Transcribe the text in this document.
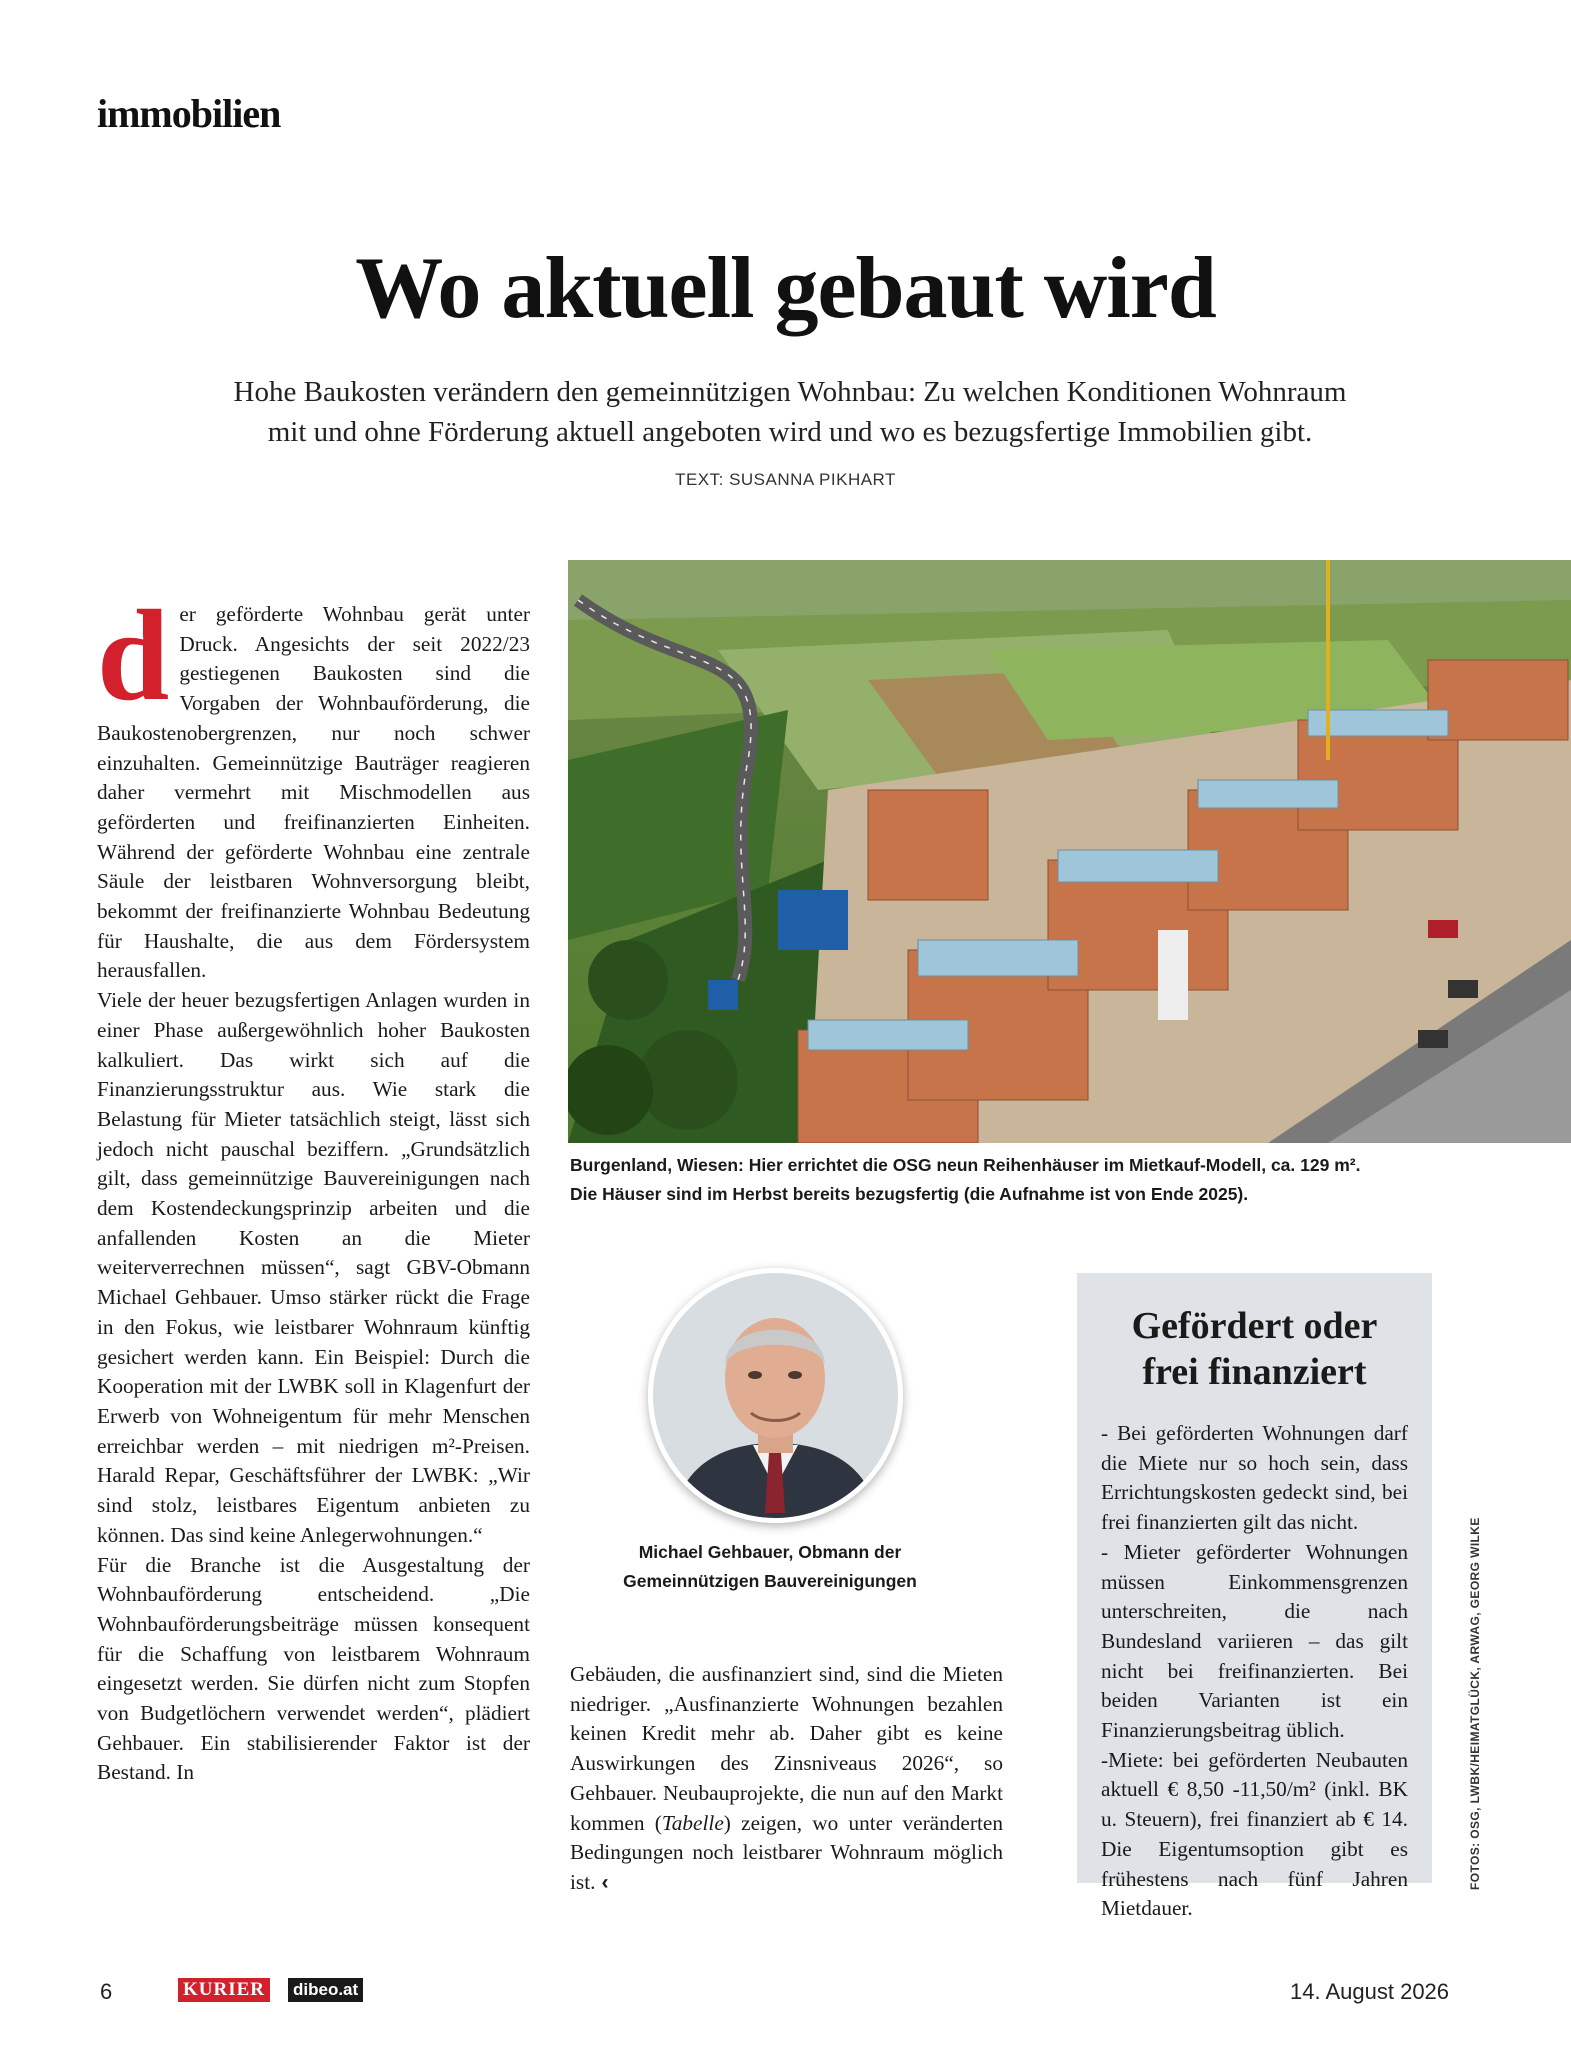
immobilien
Wo aktuell gebaut wird
Hohe Baukosten verändern den gemeinnützigen Wohnbau: Zu welchen Konditionen Wohnraum
mit und ohne Förderung aktuell angeboten wird und wo es bezugsfertige Immobilien gibt.
TEXT: SUSANNA PIKHART

der geförderte Wohnbau gerät unter Druck. Angesichts der seit 2022/23 gestiegenen Baukosten sind die Vorgaben der Wohnbauförderung, die Baukostenobergrenzen, nur noch schwer einzuhalten. Gemeinnützige Bauträger reagieren daher vermehrt mit Mischmodellen aus geförderten und freifinanzierten Einheiten. Während der geförderte Wohnbau eine zentrale Säule der leistbaren Wohnversorgung bleibt, bekommt der freifinanzierte Wohnbau Bedeutung für Haushalte, die aus dem Fördersystem herausfallen.

Viele der heuer bezugsfertigen Anlagen wurden in einer Phase außergewöhnlich hoher Baukosten kalkuliert. Das wirkt sich auf die Finanzierungsstruktur aus. Wie stark die Belastung für Mieter tatsächlich steigt, lässt sich jedoch nicht pauschal beziffern. „Grundsätzlich gilt, dass gemeinnützige Bauvereinigungen nach dem Kostendeckungsprinzip arbeiten und die anfallenden Kosten an die Mieter weiterverrechnen müssen“, sagt GBV-Obmann Michael Gehbauer. Umso stärker rückt die Frage in den Fokus, wie leistbarer Wohnraum künftig gesichert werden kann. Ein Beispiel: Durch die Kooperation mit der LWBK soll in Klagenfurt der Erwerb von Wohneigentum für mehr Menschen erreichbar werden – mit niedrigen m²-Preisen. Harald Repar, Geschäftsführer der LWBK: „Wir sind stolz, leistbares Eigentum anbieten zu können. Das sind keine Anlegerwohnungen.“

Für die Branche ist die Ausgestaltung der Wohnbauförderung entscheidend. „Die Wohnbauförderungsbeiträge müssen konsequent für die Schaffung von leistbarem Wohnraum eingesetzt werden. Sie dürfen nicht zum Stopfen von Budgetlöchern verwendet werden“, plädiert Gehbauer. Ein stabilisierender Faktor ist der Bestand. In

Burgenland, Wiesen: Hier errichtet die OSG neun Reihenhäuser im Mietkauf-Modell, ca. 129 m². Die Häuser sind im Herbst bereits bezugsfertig (die Aufnahme ist von Ende 2025).
Michael Gehbauer, Obmann der
Gemeinnützigen Bauvereinigungen

Gebäuden, die ausfinanziert sind, sind die Mieten niedriger. „Ausfinanzierte Wohnungen bezahlen keinen Kredit mehr ab. Daher gibt es keine Auswirkungen des Zinsniveaus 2026“, so Gehbauer. Neubauprojekte, die nun auf den Markt kommen (Tabelle) zeigen, wo unter veränderten Bedingungen noch leistbarer Wohnraum möglich ist. ‹

Gefördert oder
frei finanziert

- Bei geförderten Wohnungen darf die Miete nur so hoch sein, dass Errichtungskosten gedeckt sind, bei frei finanzierten gilt das nicht.

- Mieter geförderter Wohnungen müssen Einkommensgrenzen unterschreiten, die nach Bundesland variieren – das gilt nicht bei freifinanzierten. Bei beiden Varianten ist ein Finanzierungsbeitrag üblich.

-Miete: bei geförderten Neubauten aktuell € 8,50 -11,50/m² (inkl. BK u. Steuern), frei finanziert ab € 14. Die Eigentumsoption gibt es frühestens nach fünf Jahren Mietdauer.

FOTOS: OSG, LWBK/HEIMATGLÜCK, ARWAG, GEORG WILKE
6	KURIER dibeo.at	14. August 2026
